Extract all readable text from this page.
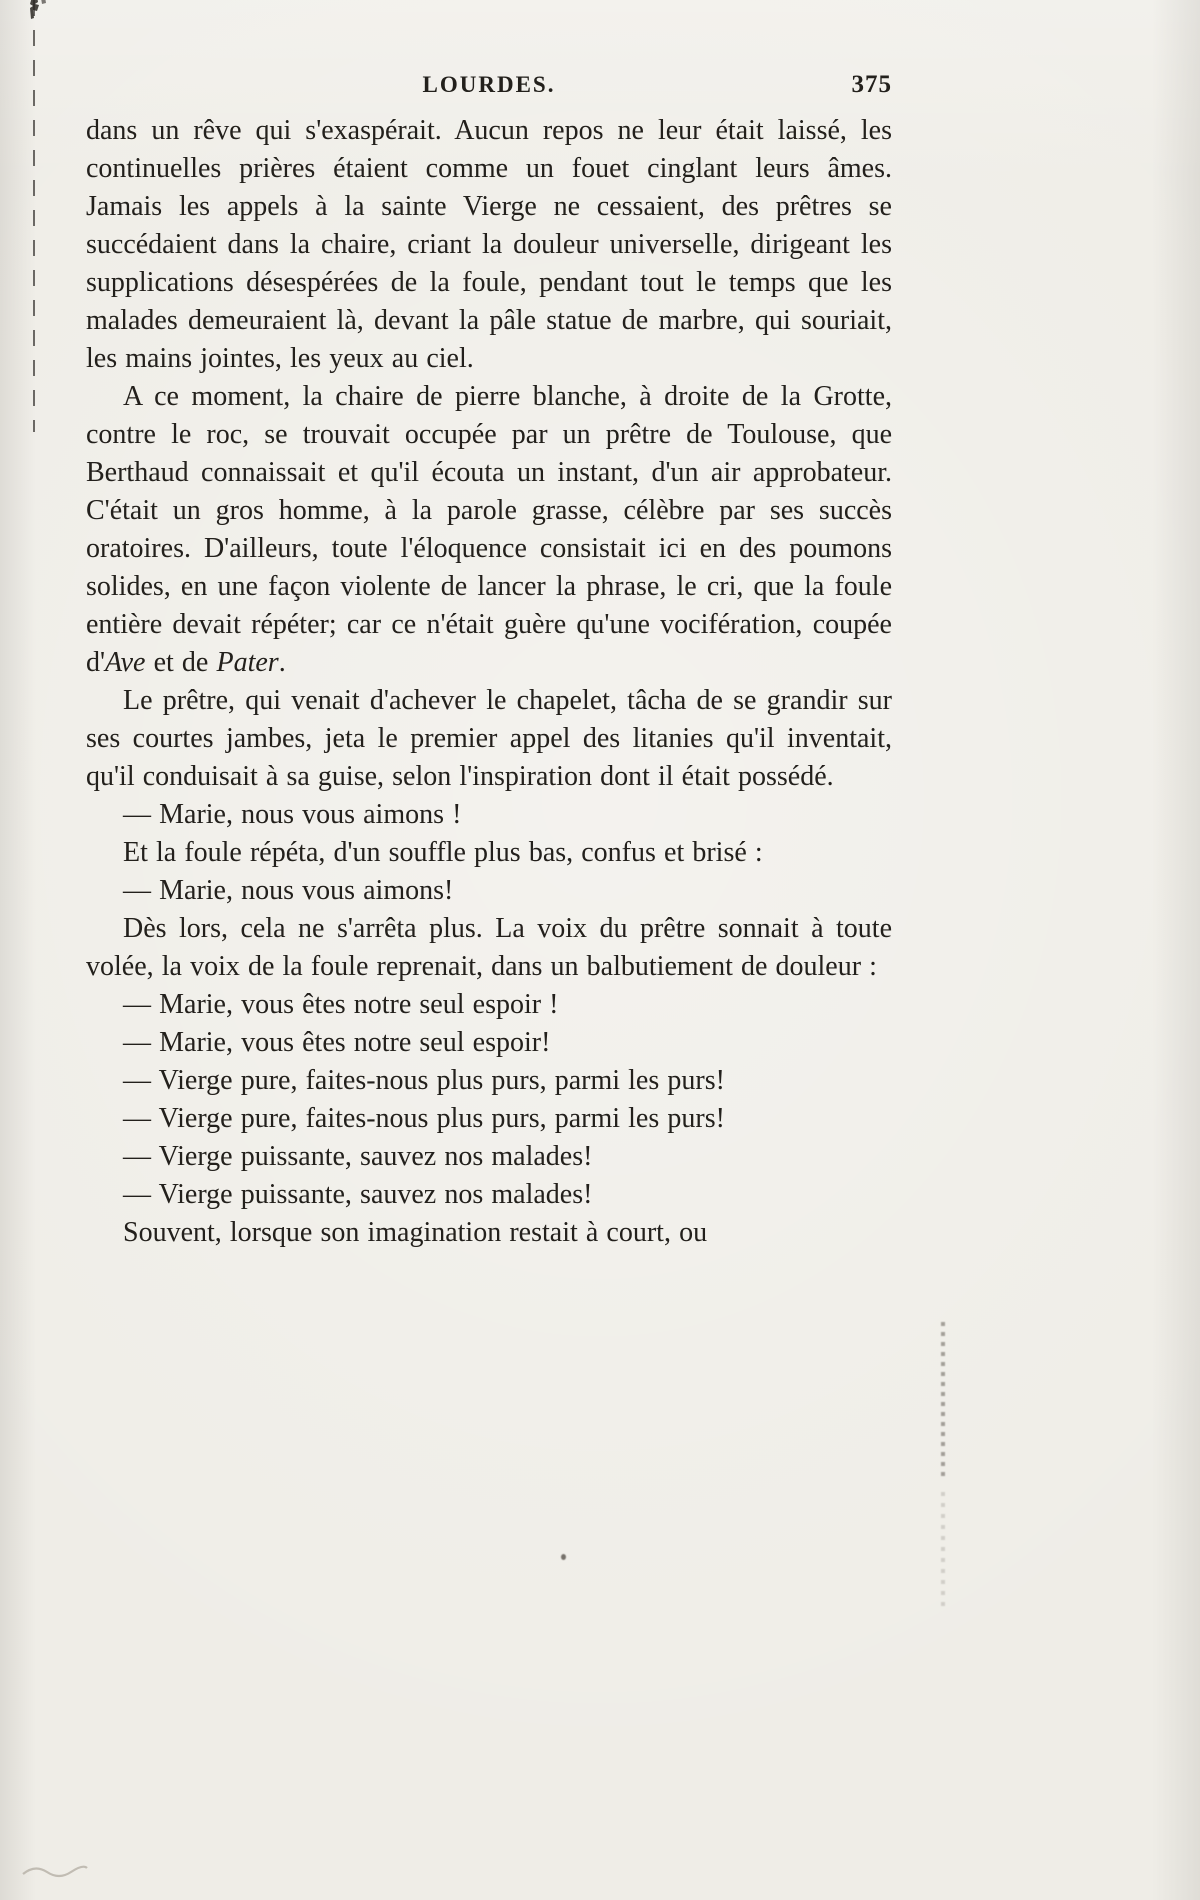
LOURDES.	375

dans un rêve qui s'exaspérait. Aucun repos ne leur était laissé, les continuelles prières étaient comme un fouet cinglant leurs âmes. Jamais les appels à la sainte Vierge ne cessaient, des prêtres se succédaient dans la chaire, criant la douleur universelle, dirigeant les supplications désespérées de la foule, pendant tout le temps que les malades demeuraient là, devant la pâle statue de marbre, qui souriait, les mains jointes, les yeux au ciel.

A ce moment, la chaire de pierre blanche, à droite de la Grotte, contre le roc, se trouvait occupée par un prêtre de Toulouse, que Berthaud connaissait et qu'il écouta un instant, d'un air approbateur. C'était un gros homme, à la parole grasse, célèbre par ses succès oratoires. D'ailleurs, toute l'éloquence consistait ici en des poumons solides, en une façon violente de lancer la phrase, le cri, que la foule entière devait répéter; car ce n'était guère qu'une vocifération, coupée d'Ave et de Pater.

Le prêtre, qui venait d'achever le chapelet, tâcha de se grandir sur ses courtes jambes, jeta le premier appel des litanies qu'il inventait, qu'il conduisait à sa guise, selon l'inspiration dont il était possédé.

— Marie, nous vous aimons !

Et la foule répéta, d'un souffle plus bas, confus et brisé :

— Marie, nous vous aimons!

Dès lors, cela ne s'arrêta plus. La voix du prêtre sonnait à toute volée, la voix de la foule reprenait, dans un balbutiement de douleur :

— Marie, vous êtes notre seul espoir !

— Marie, vous êtes notre seul espoir!

— Vierge pure, faites-nous plus purs, parmi les purs!

— Vierge pure, faites-nous plus purs, parmi les purs!

— Vierge puissante, sauvez nos malades!

— Vierge puissante, sauvez nos malades!

Souvent, lorsque son imagination restait à court, ou
